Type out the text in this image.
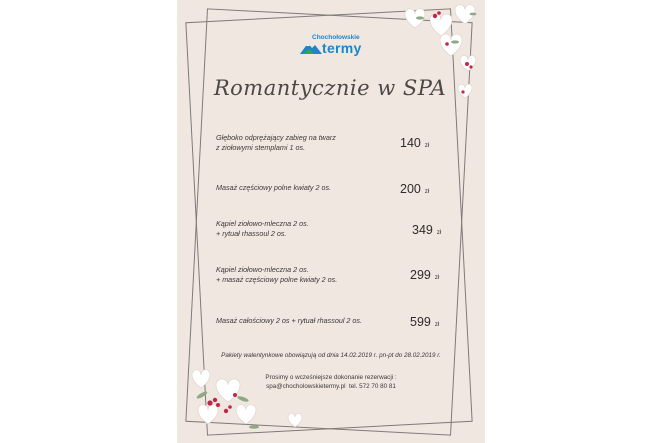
Chochołowskie
termy
Romantycznie w SPA
Głęboko odprężający zabieg na twarz
z ziołowymi stemplami 1 os.	140 zł
Masaż częściowy polne kwiaty 2 os.	200 zł
Kąpiel ziołowo-mleczna 2 os.
+ rytuał rhassoul 2 os.	349 zł
Kąpiel ziołowo-mleczna 2 os.
+ masaż częściowy polne kwiaty 2 os.	299 zł
Masaż całościowy 2 os + rytuał rhassoul 2 os.	599 zł
Pakiety walentynkowe obowiązują od dnia 14.02.2019 r. pn-pt do 28.02.2019 r.
Prosimy o wcześniejsze dokonanie rezerwacji :
spa@chocholowskietermy.pl tel. 572 70 80 81
